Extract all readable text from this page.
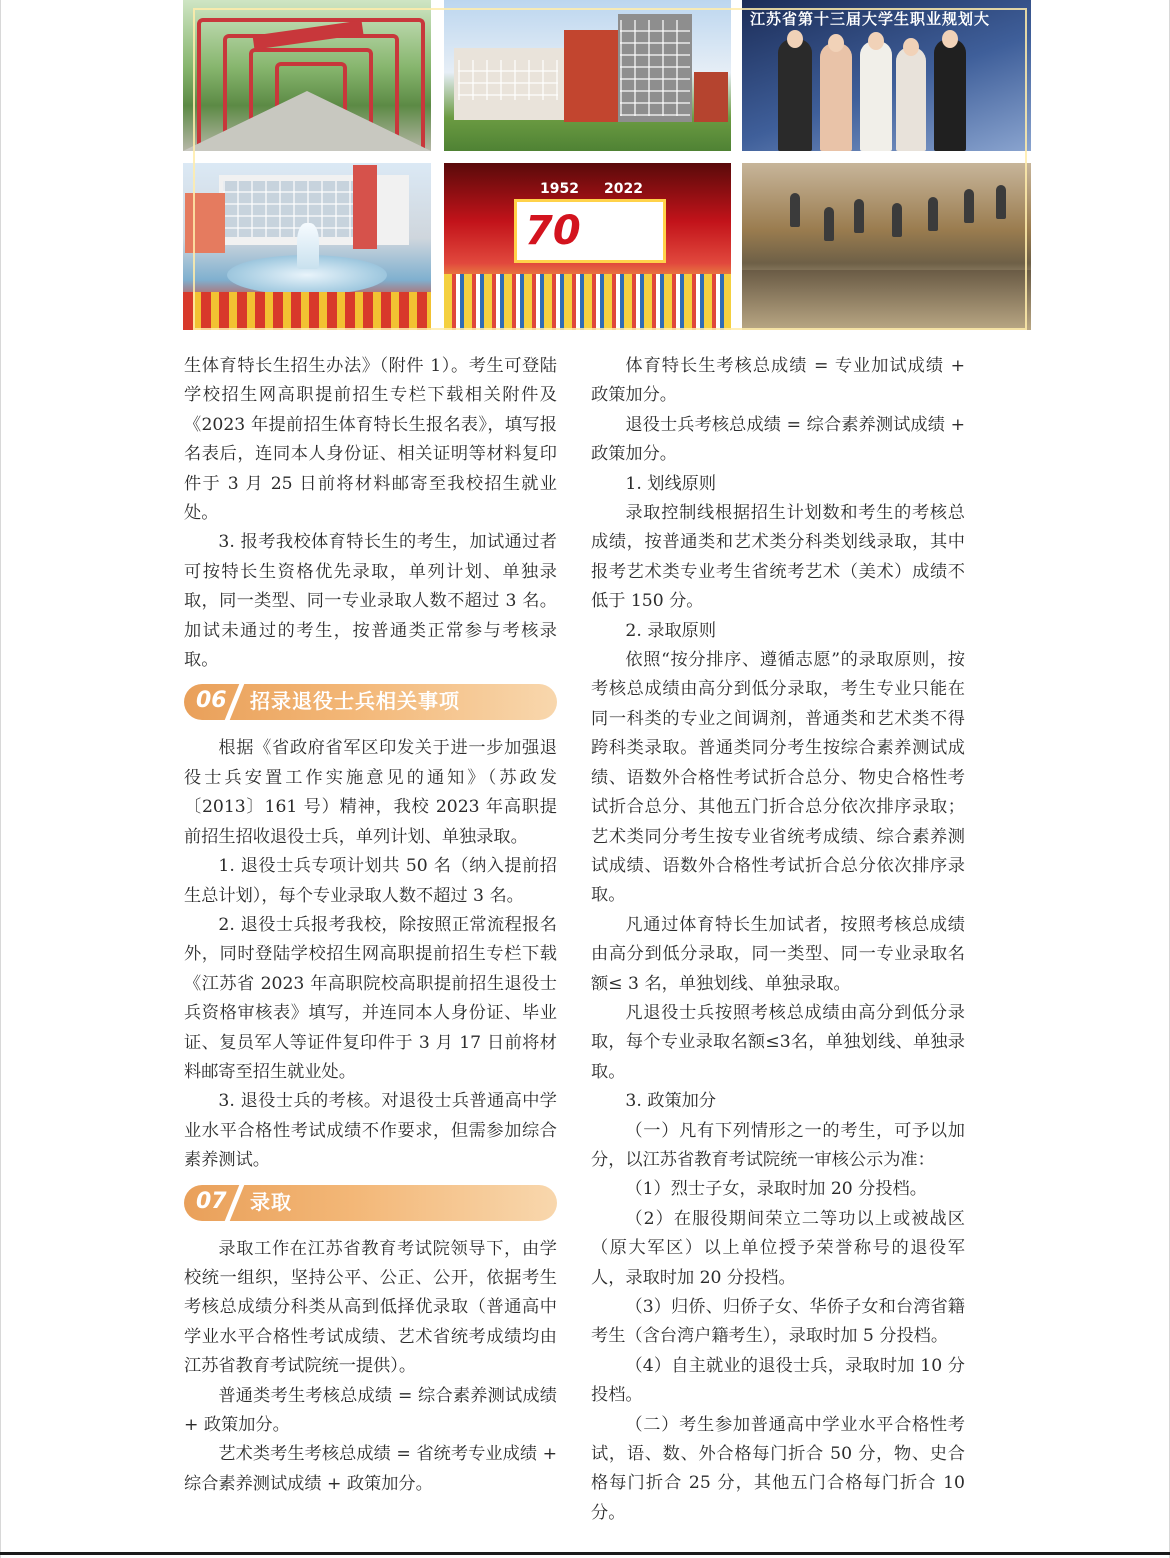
江苏省第十三届大学生职业规划大
1952 2022
70

生体育特长生招生办法》（附件 1）。考生可登陆学校招生网高职提前招生专栏下载相关附件及《2023 年提前招生体育特长生报名表》，填写报名表后，连同本人身份证、相关证明等材料复印件于 3 月 25 日前将材料邮寄至我校招生就业处。

3. 报考我校体育特长生的考生，加试通过者可按特长生资格优先录取，单列计划、单独录取，同一类型、同一专业录取人数不超过 3 名。加试未通过的考生，按普通类正常参与考核录取。

06 招录退役士兵相关事项

根据《省政府省军区印发关于进一步加强退役士兵安置工作实施意见的通知》（苏政发〔2013〕161 号）精神，我校 2023 年高职提前招生招收退役士兵，单列计划、单独录取。

1. 退役士兵专项计划共 50 名（纳入提前招生总计划），每个专业录取人数不超过 3 名。

2. 退役士兵报考我校，除按照正常流程报名外，同时登陆学校招生网高职提前招生专栏下载《江苏省 2023 年高职院校高职提前招生退役士兵资格审核表》填写，并连同本人身份证、毕业证、复员军人等证件复印件于 3 月 17 日前将材料邮寄至招生就业处。

3. 退役士兵的考核。对退役士兵普通高中学业水平合格性考试成绩不作要求，但需参加综合素养测试。

07 录取

录取工作在江苏省教育考试院领导下，由学校统一组织，坚持公平、公正、公开，依据考生考核总成绩分科类从高到低择优录取（普通高中学业水平合格性考试成绩、艺术省统考成绩均由江苏省教育考试院统一提供）。

普通类考生考核总成绩 = 综合素养测试成绩 + 政策加分。

艺术类考生考核总成绩 = 省统考专业成绩 + 综合素养测试成绩 + 政策加分。

体育特长生考核总成绩 = 专业加试成绩 + 政策加分。

退役士兵考核总成绩 = 综合素养测试成绩 + 政策加分。

1. 划线原则

录取控制线根据招生计划数和考生的考核总成绩，按普通类和艺术类分科类划线录取，其中报考艺术类专业考生省统考艺术（美术）成绩不低于 150 分。

2. 录取原则

依照“按分排序、遵循志愿”的录取原则，按考核总成绩由高分到低分录取，考生专业只能在同一科类的专业之间调剂，普通类和艺术类不得跨科类录取。普通类同分考生按综合素养测试成绩、语数外合格性考试折合总分、物史合格性考试折合总分、其他五门折合总分依次排序录取；艺术类同分考生按专业省统考成绩、综合素养测试成绩、语数外合格性考试折合总分依次排序录取。

凡通过体育特长生加试者，按照考核总成绩由高分到低分录取，同一类型、同一专业录取名额≤ 3 名，单独划线、单独录取。

凡退役士兵按照考核总成绩由高分到低分录取，每个专业录取名额≤3名，单独划线、单独录取。

3. 政策加分

（一）凡有下列情形之一的考生，可予以加分，以江苏省教育考试院统一审核公示为准：

（1）烈士子女，录取时加 20 分投档。

（2）在服役期间荣立二等功以上或被战区（原大军区）以上单位授予荣誉称号的退役军人，录取时加 20 分投档。

（3）归侨、归侨子女、华侨子女和台湾省籍考生（含台湾户籍考生），录取时加 5 分投档。

（4）自主就业的退役士兵，录取时加 10 分投档。

（二）考生参加普通高中学业水平合格性考试，语、数、外合格每门折合 50 分，物、史合格每门折合 25 分，其他五门合格每门折合 10 分。
